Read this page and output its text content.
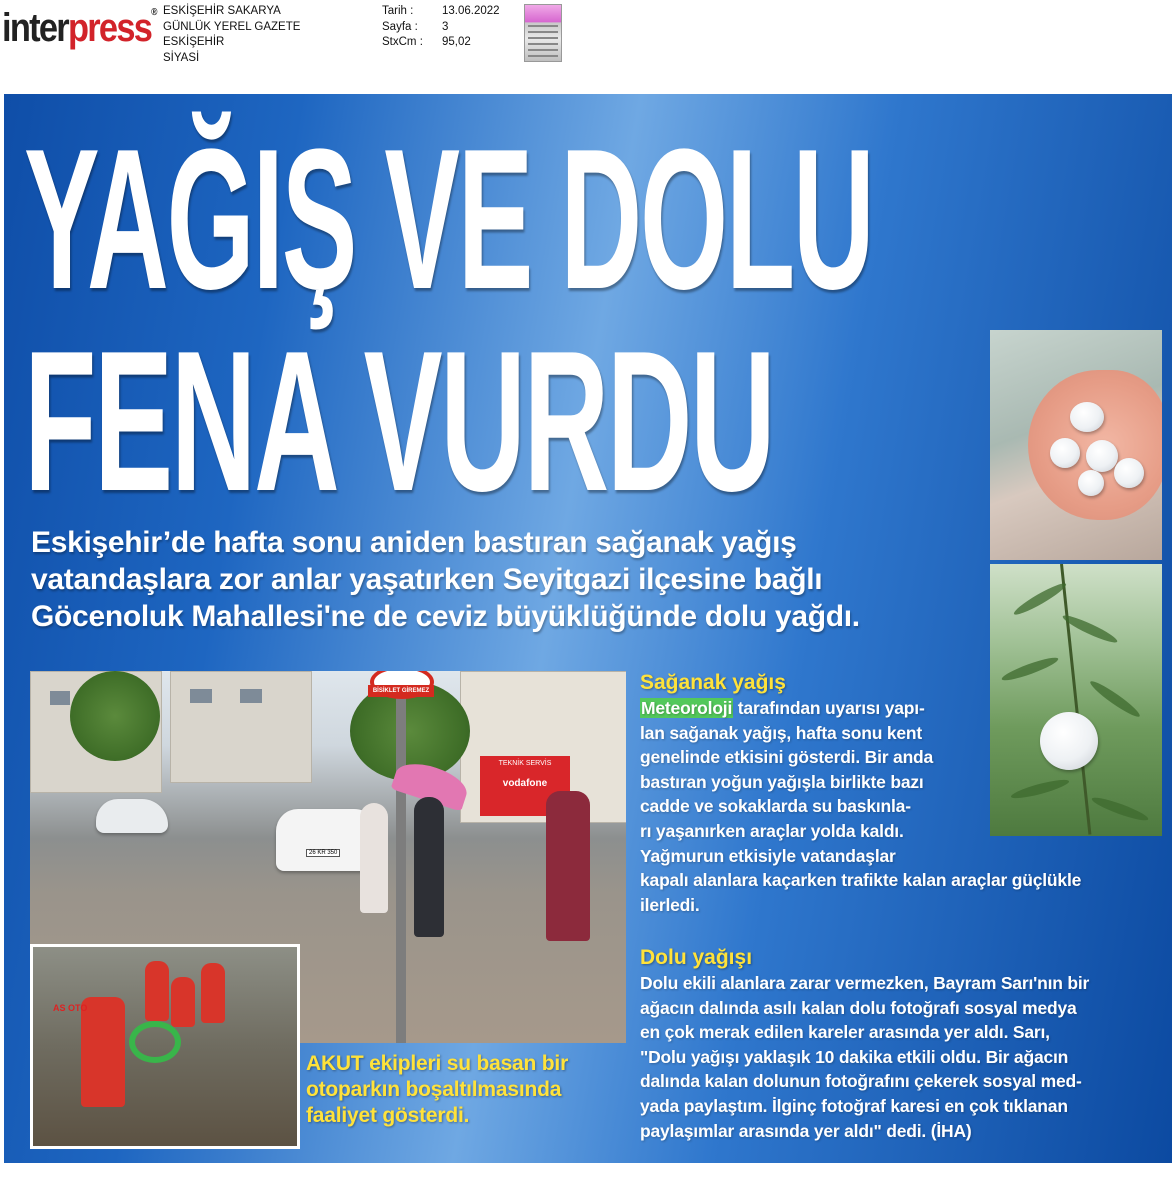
interpress® ESKİŞEHİR SAKARYA
GÜNLÜK YEREL GAZETE
ESKİŞEHİR
SİYASİ
Tarih :	13.06.2022
Sayfa :	3
StxCm :	95,02
YAĞIŞ VE DOLU
FENA VURDU
Eskişehir’de hafta sonu aniden bastıran sağanak yağış
vatandaşlara zor anlar yaşatırken Seyitgazi ilçesine bağlı
Göcenoluk Mahallesi'ne de ceviz büyüklüğünde dolu yağdı.
vodafone
TEKNİK SERVİS
26 KR 350
BİSİKLET GİREMEZ
AS OTO
AKUT ekipleri su basan bir
otoparkın boşaltılmasında
faaliyet gösterdi.
Sağanak yağış

Meteoroloji tarafından uyarısı yapı-

lan sağanak yağış, hafta sonu kent

genelinde etkisini gösterdi. Bir anda

bastıran yoğun yağışla birlikte bazı

cadde ve sokaklarda su baskınla-

rı yaşanırken araçlar yolda kaldı.

Yağmurun etkisiyle vatandaşlar

kapalı alanlara kaçarken trafikte kalan araçlar güçlükle

ilerledi.

Dolu yağışı

Dolu ekili alanlara zarar vermezken, Bayram Sarı'nın bir

ağacın dalında asılı kalan dolu fotoğrafı sosyal medya

en çok merak edilen kareler arasında yer aldı. Sarı,

"Dolu yağışı yaklaşık 10 dakika etkili oldu. Bir ağacın

dalında kalan dolunun fotoğrafını çekerek sosyal med-

yada paylaştım. İlginç fotoğraf karesi en çok tıklanan

paylaşımlar arasında yer aldı" dedi. (İHA)
